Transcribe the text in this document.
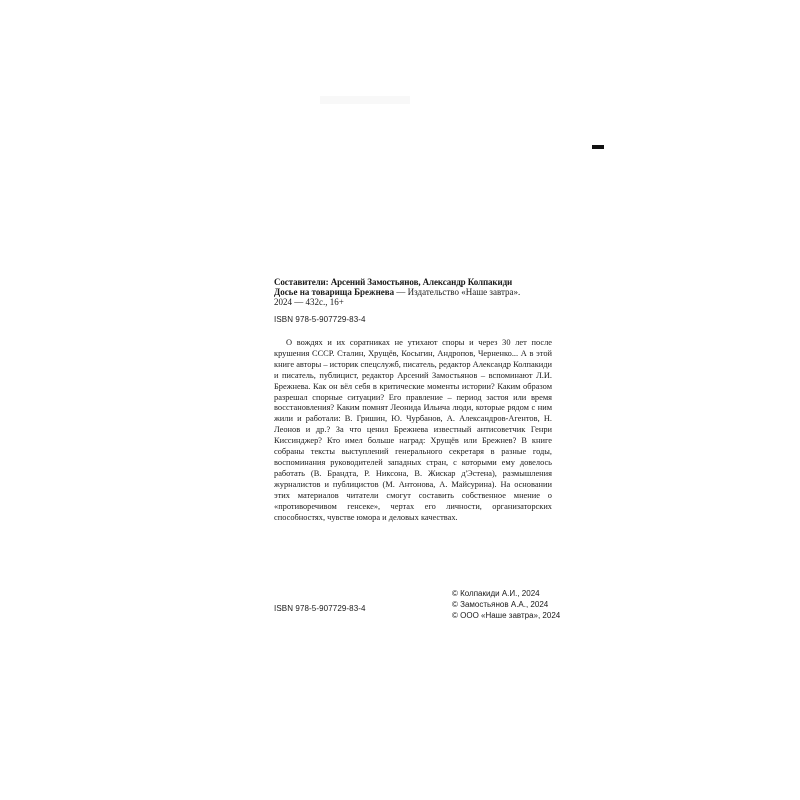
Составители: Арсений Замостьянов, Александр Колпакиди
Досье на товарища Брежнева — Издательство «Наше завтра».
2024 — 432с., 16+
ISBN 978-5-907729-83-4

О вождях и их соратниках не утихают споры и через 30 лет после крушения СССР. Сталин, Хрущёв, Косыгин, Андропов, Черненко... А в этой книге авторы – историк спецслужб, писатель, редактор Александр Колпакиди и писатель, публицист, редактор Арсений Замостьянов – вспоминают Л.И. Брежнева. Как он вёл себя в критические моменты истории? Каким образом разрешал спорные ситуации? Его правление – период застоя или время восстановления? Каким помнят Леонида Ильича люди, которые рядом с ним жили и работали: В. Гришин, Ю. Чурбанов, А. Александров-Агентов, Н. Леонов и др.? За что ценил Брежнева известный антисоветчик Генри Киссинджер? Кто имел больше наград: Хрущёв или Брежнев? В книге собраны тексты выступлений генерального секретаря в разные годы, воспоминания руководителей западных стран, с которыми ему довелось работать (В. Брандта, Р. Никсона, В. Жискар д'Эстена), размышления журналистов и публицистов (М. Антонова, А. Майсурина). На основании этих материалов читатели смогут составить собственное мнение о «противоречивом генсеке», чертах его личности, организаторских способностях, чувстве юмора и деловых качествах.

ISBN 978-5-907729-83-4
© Колпакиди А.И., 2024
© Замостьянов А.А., 2024
© ООО «Наше завтра», 2024
